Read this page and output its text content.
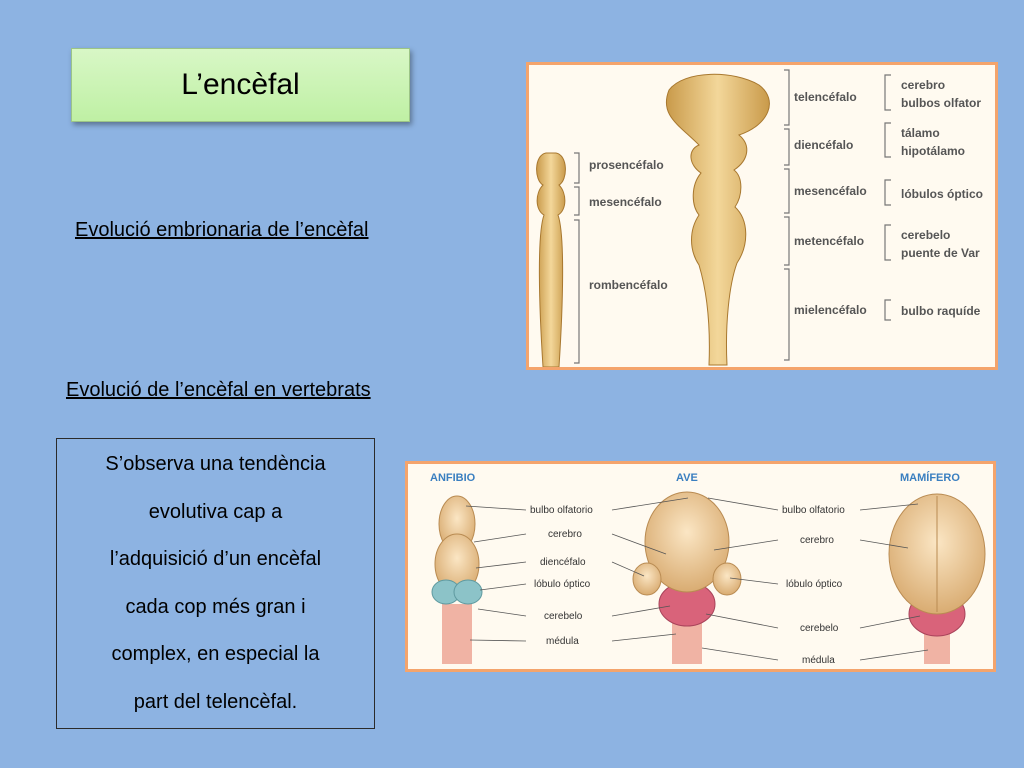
L’encèfal
Evolució embrionaria de l’encèfal
Evolució de l’encèfal en vertebrats

S’observa una tendència
evolutiva cap a
l’adquisició d’un encèfal
cada cop més gran i
complex, en especial la
part del telencèfal.

prosencéfalo
mesencéfalo
rombencéfalo
telencéfalo
diencéfalo
mesencéfalo
metencéfalo
mielencéfalo
cerebro
bulbos olfator
tálamo
hipotálamo
lóbulos óptico
cerebelo
puente de Var
bulbo raquíde
ANFIBIO	AVE	MAMÍFERO
bulbo olfatorio
cerebro
diencéfalo
lóbulo óptico
cerebelo
médula
bulbo olfatorio
cerebro
lóbulo óptico
cerebelo
médula
